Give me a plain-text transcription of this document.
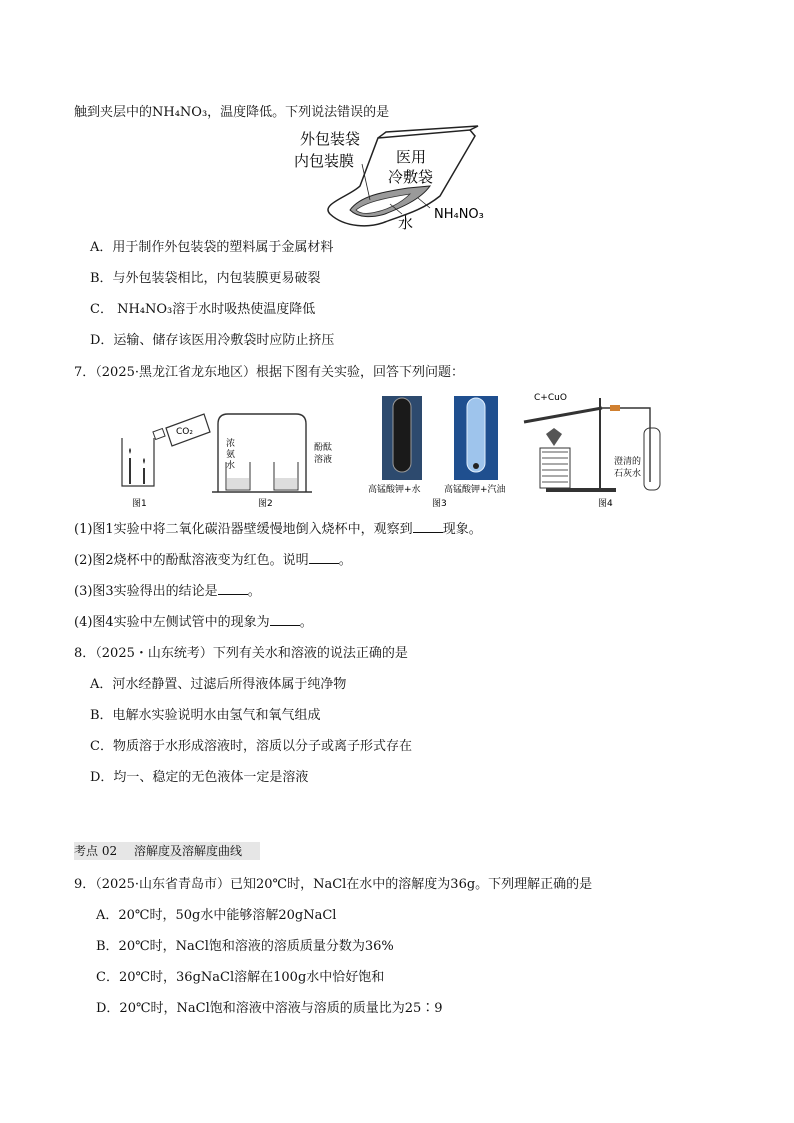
触到夹层中的NH₄NO₃，温度降低。下列说法错误的是
外包装袋
内包装膜	医用
冷敷袋
水 NH₄NO₃
A．用于制作外包装袋的塑料属于金属材料
B．与外包装袋相比，内包装膜更易破裂
C． NH₄NO₃溶于水时吸热使温度降低
D．运输、储存该医用冷敷袋时应防止挤压
7．（2025·黑龙江省龙东地区）根据下图有关实验，回答下列问题：
CO₂
图1
浓
氨
水
酚酞
溶液
图2
高锰酸钾+水	高锰酸钾+汽油
图3
C+CuO
澄清的
石灰水
图4
(1)图1实验中将二氧化碳沿器壁缓慢地倒入烧杯中，观察到 现象。
(2)图2烧杯中的酚酞溶液变为红色。说明 。
(3)图3实验得出的结论是 。
(4)图4实验中左侧试管中的现象为 。
8．（2025・山东统考）下列有关水和溶液的说法正确的是
A．河水经静置、过滤后所得液体属于纯净物
B．电解水实验说明水由氢气和氧气组成
C．物质溶于水形成溶液时，溶质以分子或离子形式存在
D．均一、稳定的无色液体一定是溶液
考点 02 溶解度及溶解度曲线
9．（2025·山东省青岛市）已知20℃时，NaCl在水中的溶解度为36g。下列理解正确的是
A．20℃时，50g水中能够溶解20gNaCl
B．20℃时，NaCl饱和溶液的溶质质量分数为36%
C．20℃时，36gNaCl溶解在100g水中恰好饱和
D．20℃时，NaCl饱和溶液中溶液与溶质的质量比为25∶9
